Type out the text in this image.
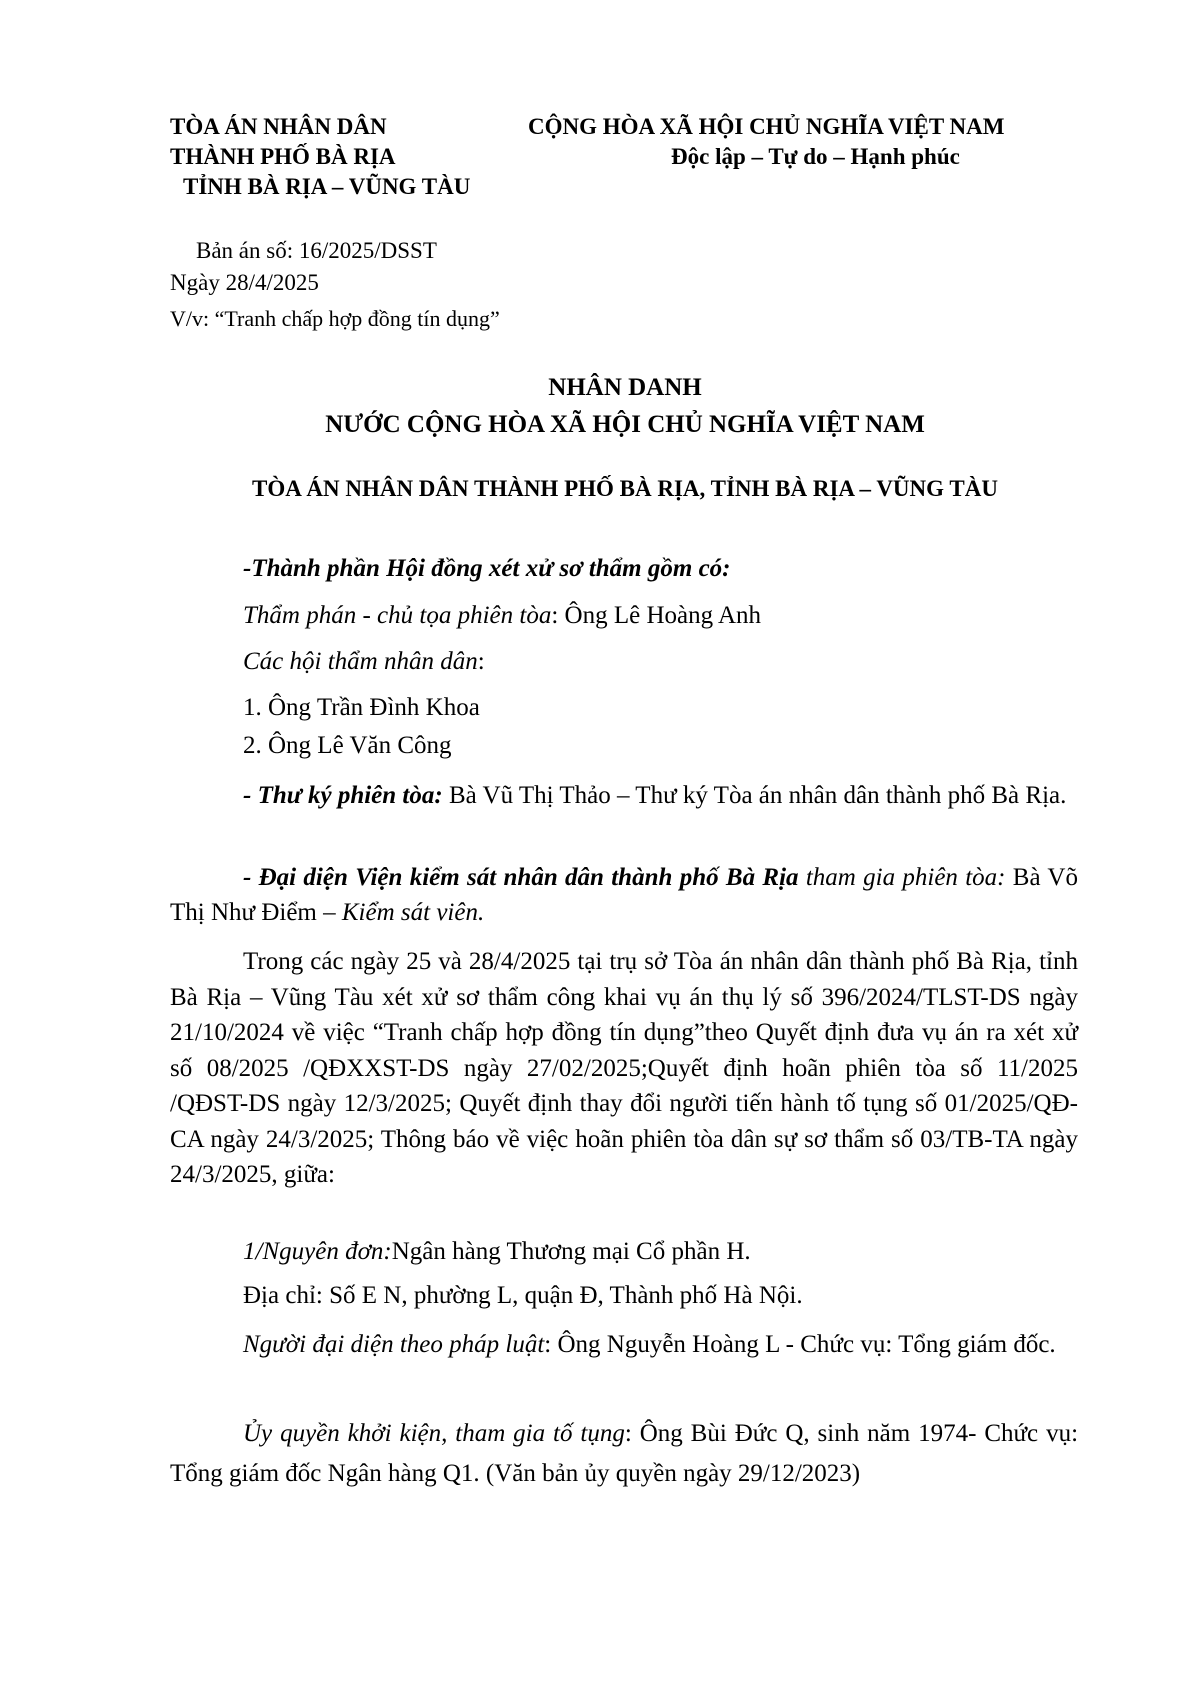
TÒA ÁN NHÂN DÂN
THÀNH PHỐ BÀ RỊA
TỈNH BÀ RỊA – VŨNG TÀU
CỘNG HÒA XÃ HỘI CHỦ NGHĨA VIỆT NAM
Độc lập – Tự do – Hạnh phúc
Bản án số: 16/2025/DSST
Ngày 28/4/2025
V/v: “Tranh chấp hợp đồng tín dụng”
NHÂN DANH
NƯỚC CỘNG HÒA XÃ HỘI CHỦ NGHĨA VIỆT NAM
TÒA ÁN NHÂN DÂN THÀNH PHỐ BÀ RỊA, TỈNH BÀ RỊA – VŨNG TÀU
-Thành phần Hội đồng xét xử sơ thẩm gồm có:
Thẩm phán - chủ tọa phiên tòa: Ông Lê Hoàng Anh
Các hội thẩm nhân dân:
1. Ông Trần Đình Khoa
2. Ông Lê Văn Công
- Thư ký phiên tòa: Bà Vũ Thị Thảo – Thư ký Tòa án nhân dân thành phố Bà Rịa.
- Đại diện Viện kiểm sát nhân dân thành phố Bà Rịa tham gia phiên tòa: Bà Võ Thị Như Điểm – Kiểm sát viên.
Trong các ngày 25 và 28/4/2025 tại trụ sở Tòa án nhân dân thành phố Bà Rịa, tỉnh Bà Rịa – Vũng Tàu xét xử sơ thẩm công khai vụ án thụ lý số 396/2024/TLST-DS ngày 21/10/2024 về việc “Tranh chấp hợp đồng tín dụng”theo Quyết định đưa vụ án ra xét xử số 08/2025 /QĐXXST-DS ngày 27/02/2025;Quyết định hoãn phiên tòa số 11/2025 /QĐST-DS ngày 12/3/2025; Quyết định thay đổi người tiến hành tố tụng số 01/2025/QĐ-CA ngày 24/3/2025; Thông báo về việc hoãn phiên tòa dân sự sơ thẩm số 03/TB-TA ngày 24/3/2025, giữa:
1/Nguyên đơn:Ngân hàng Thương mại Cổ phần H.
Địa chỉ: Số E N, phường L, quận Đ, Thành phố Hà Nội.
Người đại diện theo pháp luật: Ông Nguyễn Hoàng L - Chức vụ: Tổng giám đốc.
Ủy quyền khởi kiện, tham gia tố tụng: Ông Bùi Đức Q, sinh năm 1974- Chức vụ: Tổng giám đốc Ngân hàng Q1. (Văn bản ủy quyền ngày 29/12/2023)
